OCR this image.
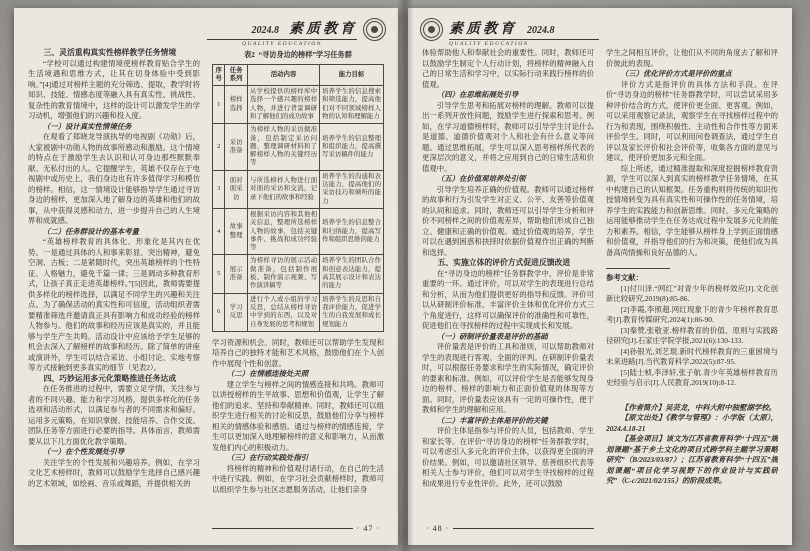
2024.8 素质教育
QUALITY EDUCATION

三、灵活重构真实性榜样教学任务情境

“学校可以通过构建情境使榜样教育贴合学生的生活境遇和思维方式，让其在切身体验中受到影响。”[4]通过对榜样主题的充分筛选、提取，教学时将知识、技能、情感态度等融入具有真实性、挑战性、复杂性的教育情境中，这样的设计可以激发学生的学习动机，增强他们的兴趣和投入度。

（一）设计真实性情境任务

在观看了郑晓龙导演执导的电视剧《功勋》后，大家被剧中功勋人物的故事所感动和激励。这个情境的特点在于激励学生去认识和认可身边那些默默奉献、无私付出的人。它提醒学生，英雄不仅存在于电视剧中或历史上，我们身边也有许多值得学习和模仿的榜样。相信，这一情境设计能够指导学生通过寻访身边的榜样，更加深入地了解身边的英雄和他们的故事，从中获得灵感和动力，进一步提升自己的人生境界和成就感。

（二）任务群设计的基本考量

“英雄榜样教育的具体化、形象化是其内在优势。一是通过具体的人和事来彰显、突出精神，避免空洞、古板；二是紧随时代，突出英雄榜样的个性特征、人格魅力，避免千篇一律；三是调动多种教育形式，让孩子真正走进英雄榜样。”[5]因此，教师需要提供多样化的榜样选择，以满足不同学生的兴趣和关注点。为了确保活动的真实性和可信度，活动组织者需要精准筛选并邀请真正具有影响力和成功经验的榜样人物参与。他们的故事和经历应该是真实的，并且能够与学生产生共鸣。活动设计中应该给予学生足够的机会去深入了解榜样的故事和经历。除了简单的讲座或演讲外，学生可以结合采访、小组讨论、实地考察等方式接触到更多真实的细节（见表2）。

四、巧妙运用多元化策略推进任务达成

在任务推进的过程中，需要立足学情，关注参与者的不同兴趣、能力和学习风格，提供多样化的任务选项和活动形式，以满足参与者的不同需求和偏好。运用多元策略，在知识掌握、技能培养、合作交流、团队任务等方面进行必要的指导。具体而言，教师需要从以下几方面优化教学策略。

（一）在个性发展处引导

关注学生的个性发展和兴趣培养。例如，在学习文化艺术榜样时，教师可以鼓励学生选择自己感兴趣的艺术领域，如绘画、音乐或舞蹈，并提供相关的

表2 “寻访身边的榜样”学习任务群
序号	任务系列	活动内容	能力目标
1	榜样选择	从学校提供的榜样库中选择一个感兴趣的榜样人物，并进行背景调研和了解他们的成功故事	培养学生的信息搜索和筛选能力，提高他们对不同领域榜样人物的认知和理解能力
2	采访准备	为榜样人物的采访做准备，包括制定采访问题、整理调研材料和了解榜样人物的关键经历等	培养学生的信息整理和组织能力，提高撰写采访稿件的能力
3	面对面采访	与所选榜样人物进行面对面的采访和交流，记录下他们的故事和经验	培养学生的沟通和表达能力，提高他们的采访技巧和倾听的能力
4	故事整理	根据采访内容和其他相关信息，整理所选榜样人物的故事，包括关键事件、挑战和成功经验等	培养学生的信息整合和归纳能力，提高写作和组织思维的能力
5	展示准备	为榜样寻访的展示活动做准备，包括制作展板、制作演示视频、写作演讲稿等	培养学生的团队合作和创意表达能力，提高其展示设计和表达的能力
6	学习反思	进行个人或小组的学习反思，总结从榜样寻访中学到的东西，以及对自身发展的思考和规划	培养学生的反思和自我评价能力，促进学生的自我发展和成长规划能力

学习资源和机会。同时，教师还可以帮助学生发现和培养自己的独特才能和艺术风格，鼓励他们在个人创作中展现个性和创意。

（二）在情感连接处关照

建立学生与榜样之间的情感连接和共鸣。教师可以讲授榜样的生平故事、思想和价值观，让学生了解他们的追求、坚持和奉献精神。同时，教师还可以组织学生进行相关的讨论和反思，鼓励他们分享与榜样相关的情感体验和感悟。通过与榜样的情感连接，学生可以更加深入地理解榜样的意义和影响力，从而激发他们内心的积极动力。

（三）在行动实践处指引

将榜样的精神和价值观付诸行动，在自己的生活中进行实践。例如，在学习社会贡献榜样时，教师可以组织学生参与社区志愿服务活动，让他们亲身

· 47 ·
素质教育 2024.8
QUALITY EDUCATION

体验帮助他人和奉献社会的重要性。同时，教师还可以鼓励学生制定个人行动计划，将榜样的精神融入自己的日常生活和学习中，以实际行动来践行榜样的价值观。

（四）在思维拓展处引导

引导学生思考和拓展对榜样的理解。教师可以提出一系列开放性问题，鼓励学生进行探索和思考。例如，在学习道德榜样时，教师可以引导学生讨论什么是道德、道德价值观对个人和社会有什么意义等问题。通过思维拓展，学生可以深入思考榜样所代表的更深层次的意义，并将之应用到自己的日常生活和价值观中。

（五）在价值观培养处引领

引导学生培养正确的价值观。教师可以通过榜样的故事和行为引发学生对正义、公平、友善等价值观的认同和追求。同时，教师还可以引导学生分析和评价不同榜样之间的价值观差异，帮助他们形成自己独立、健康和正确的价值观。通过价值观的培养，学生可以在遇到困惑和抉择时依据价值观作出正确的判断和选择。

五、实施立体的评价方式促进反馈改进

在“寻访身边的榜样”任务群教学中，评价是非常重要的一环。通过评价，可以对学生的表现进行总结和分析，从而为他们提供更好的指导和反馈。评价可以从研制评价标准、丰富评价主体和优化评价方式三个角度进行，这样可以确保评价的准确性和可靠性，促进他们在寻找榜样的过程中实现成长和发展。

（一）研制评价量表是评价的基础

评价量表是评价的工具和准则，可以帮助教师对学生的表现进行客观、全面的评判。在研制评价量表时，可以根据任务要求和学生的实际情况，确定评价的要素和标准。例如，可以评价学生是否能够发现身边的榜样、榜样的影响力和正面价值观的体现等方面。同时，评价量表应该具有一定的可操作性，便于教师和学生的理解和应用。

（二）丰富评价主体是评价的关键

评价主体是指参与评价的人员，包括教师、学生和家长等。在评价“寻访身边的榜样”任务群教学时，可以考虑引入多元化的评价主体，以获得更全面的评价结果。例如，可以邀请社区领导、慈善组织代表等相关人士参与评价，他们可以对学生寻找榜样的过程和成果进行专业性评价。此外，还可以鼓励

学生之间相互评价，让他们从不同的角度去了解和评价彼此的表现。

（三）优化评价方式是评价的重点

评价方式是指评价的具体方法和手段。在评价“寻访身边的榜样”任务群教学时，可以尝试采用多种评价结合的方式，使评价更全面、更客观。例如，可以采用观察记录法，观察学生在寻找榜样过程中的行为和表现，围绕积极性、主动性和合作性等方面来评价学生。同时，可以利用问卷调查法，通过学生自评以及家长评价和社会评价等，收集各方面的意见与建议，使评价更加多元和全面。

综上所述，通过精准提取和深度挖掘榜样教育资源，学生可以深入到真实的榜样教学任务情境，在其中构建自己的认知框架。任务重构则将传统的知识传授情境转变为具有真实性和可操作性的任务情境，培养学生的实践能力和创新思维。同时，多元化策略的运用能够推动学生在任务达成过程中发展多元化的能力和素养。相信，学生能够从榜样身上学到正面情感和价值观，并指导他们的行为和决策，使他们成为具备高尚情操和良好品德的人。

参考文献：

[1]付川泽.“网红”对青少年的榜样效应[J].文化创新比较研究,2019(8):85-86.

[2]李霞,李照超.网红现象下的青少年榜样教育思考[J].教育传媒研究,2024(1):86-90.

[3]秦赞,张敬亚.榜样教育的价值、原则与实践路径研究[J].石家庄学院学报,2021(6):130-133.

[4]孙银光,刘艺琨.新时代榜样教育的三重困境与未来进路[J].当代教育科学,2022(5):87-95.

[5]陆士桢,李泽轩,张子航.青少年英雄榜样教育历史经验与启示[J].人民教育,2019(10):8-12.

【作者简介】吴芸龙，中科大附中独墅湖学校。

【原文出处】《教学与管理》：小学版（太原），2024.4.18-21

【基金项目】该文为江苏省教育科学“十四五”规划课题“基于乡土文化的项目式跨学科主题学习策略研究”（B/2023/03/87）；江苏省教育科学“十四五”规划课题“项目化学习视野下的作业设计与实践研究”（C-c/2021/02/155）的阶段成果。

· 48 ·
